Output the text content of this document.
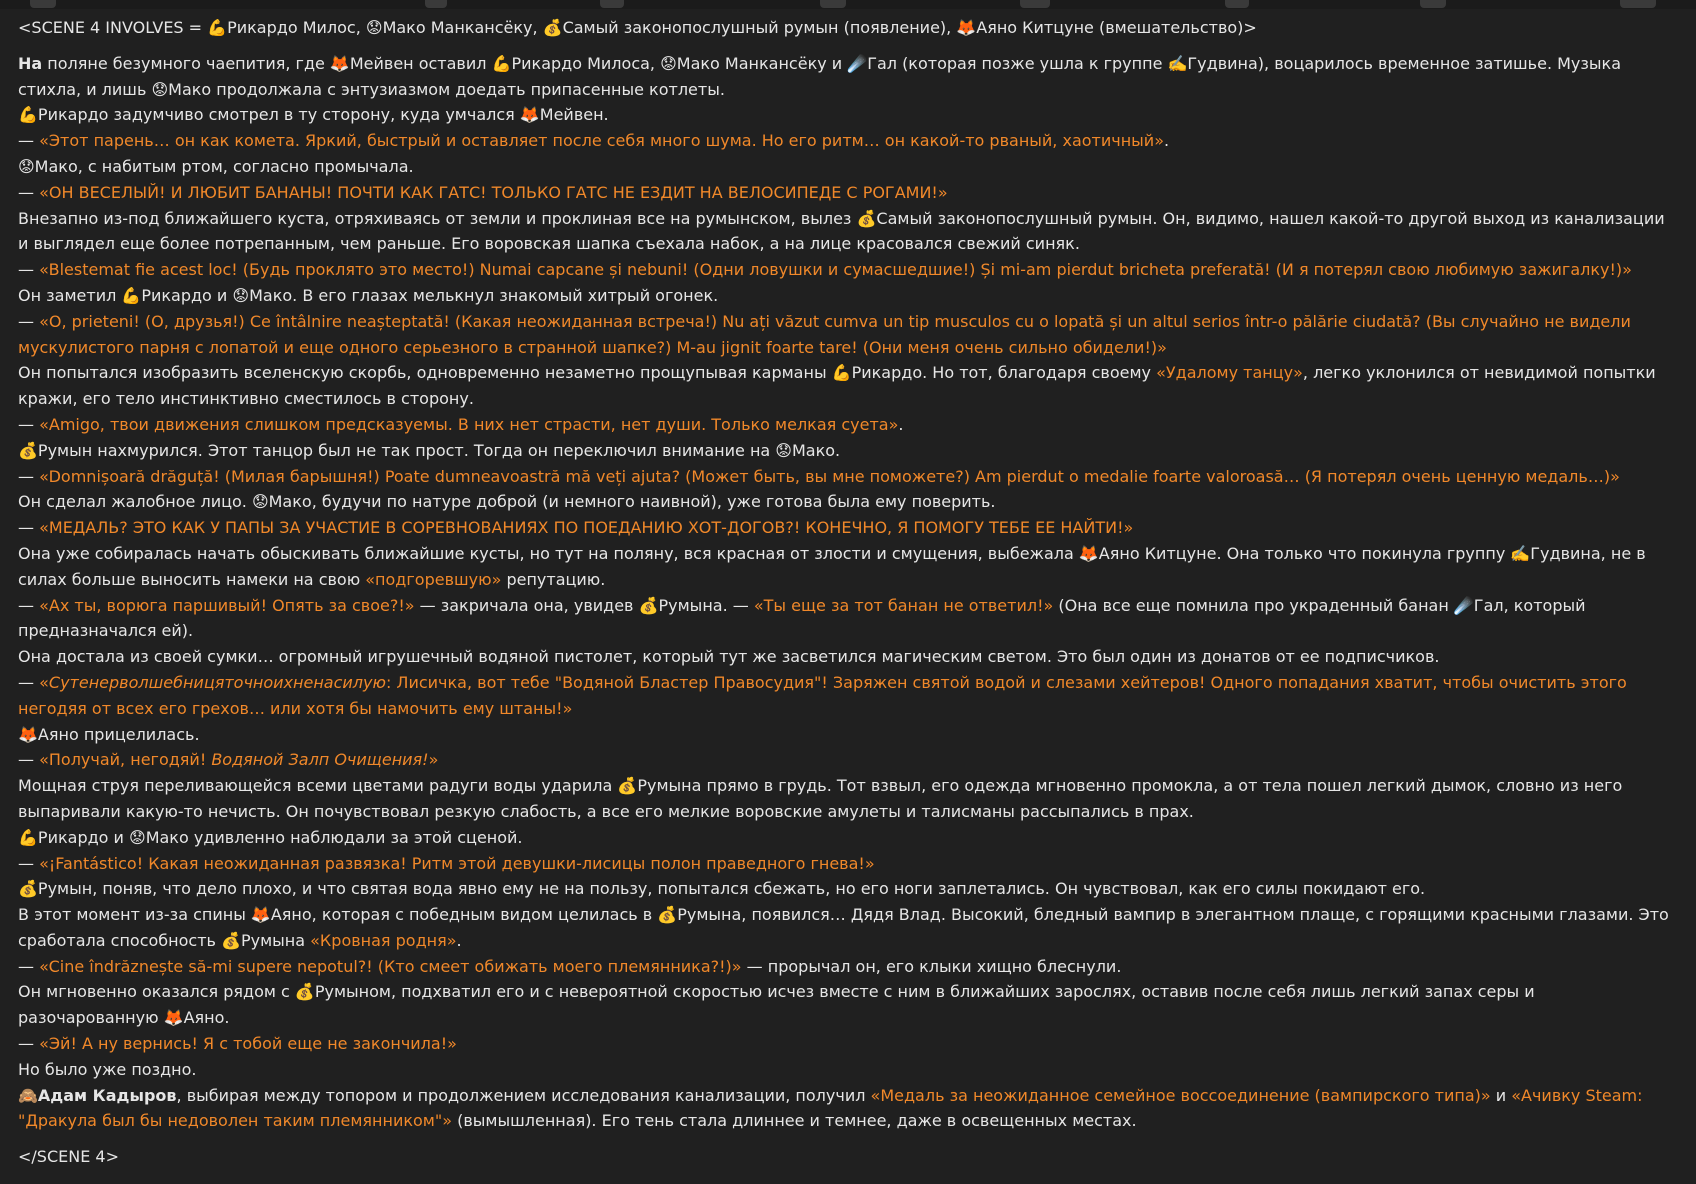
<SCENE 4 INVOLVES = 💪Рикардо Милос, 😟Мако Манкансёку, 💰Самый законопослушный румын (появление), 🦊Аяно Китцуне (вмешательство)>

На поляне безумного чаепития, где 🦊Мейвен оставил 💪Рикардо Милоса, 😟Мако Манкансёку и ☄️Гал (которая позже ушла к группе ✍️Гудвина), воцарилось временное затишье. Музыка стихла, и лишь 😟Мако продолжала с энтузиазмом доедать припасенные котлеты.

💪Рикардо задумчиво смотрел в ту сторону, куда умчался 🦊Мейвен.

— «Этот парень… он как комета. Яркий, быстрый и оставляет после себя много шума. Но его ритм… он какой-то рваный, хаотичный».

😟Мако, с набитым ртом, согласно промычала.

— «ОН ВЕСЕЛЫЙ! И ЛЮБИТ БАНАНЫ! ПОЧТИ КАК ГАТС! ТОЛЬКО ГАТС НЕ ЕЗДИТ НА ВЕЛОСИПЕДЕ С РОГАМИ!»

Внезапно из-под ближайшего куста, отряхиваясь от земли и проклиная все на румынском, вылез 💰Самый законопослушный румын. Он, видимо, нашел какой-то другой выход из канализации и выглядел еще более потрепанным, чем раньше. Его воровская шапка съехала набок, а на лице красовался свежий синяк.

— «Blestemat fie acest loc! (Будь проклято это место!) Numai capcane și nebuni! (Одни ловушки и сумасшедшие!) Și mi-am pierdut bricheta preferată! (И я потерял свою любимую зажигалку!)»

Он заметил 💪Рикардо и 😟Мако. В его глазах мелькнул знакомый хитрый огонек.

— «O, prieteni! (О, друзья!) Ce întâlnire neașteptată! (Какая неожиданная встреча!) Nu ați văzut cumva un tip musculos cu o lopată și un altul serios într-o pălărie ciudată? (Вы случайно не видели мускулистого парня с лопатой и еще одного серьезного в странной шапке?) M-au jignit foarte tare! (Они меня очень сильно обидели!)»

Он попытался изобразить вселенскую скорбь, одновременно незаметно прощупывая карманы 💪Рикардо. Но тот, благодаря своему «Удалому танцу», легко уклонился от невидимой попытки кражи, его тело инстинктивно сместилось в сторону.

— «Amigo, твои движения слишком предсказуемы. В них нет страсти, нет души. Только мелкая суета».

💰Румын нахмурился. Этот танцор был не так прост. Тогда он переключил внимание на 😟Мако.

— «Domnișoară drăguță! (Милая барышня!) Poate dumneavoastră mă veți ajuta? (Может быть, вы мне поможете?) Am pierdut o medalie foarte valoroasă… (Я потерял очень ценную медаль…)»

Он сделал жалобное лицо. 😟Мако, будучи по натуре доброй (и немного наивной), уже готова была ему поверить.

— «МЕДАЛЬ? ЭТО КАК У ПАПЫ ЗА УЧАСТИЕ В СОРЕВНОВАНИЯХ ПО ПОЕДАНИЮ ХОТ-ДОГОВ?! КОНЕЧНО, Я ПОМОГУ ТЕБЕ ЕЕ НАЙТИ!»

Она уже собиралась начать обыскивать ближайшие кусты, но тут на поляну, вся красная от злости и смущения, выбежала 🦊Аяно Китцуне. Она только что покинула группу ✍️Гудвина, не в силах больше выносить намеки на свою «подгоревшую» репутацию.

— «Ах ты, ворюга паршивый! Опять за свое?!» — закричала она, увидев 💰Румына. — «Ты еще за тот банан не ответил!» (Она все еще помнила про украденный банан ☄️Гал, который предназначался ей).

Она достала из своей сумки… огромный игрушечный водяной пистолет, который тут же засветился магическим светом. Это был один из донатов от ее подписчиков.

— «Сутенерволшебницяточноихненасилую: Лисичка, вот тебе "Водяной Бластер Правосудия"! Заряжен святой водой и слезами хейтеров! Одного попадания хватит, чтобы очистить этого негодяя от всех его грехов… или хотя бы намочить ему штаны!»

🦊Аяно прицелилась.

— «Получай, негодяй! Водяной Залп Очищения!»

Мощная струя переливающейся всеми цветами радуги воды ударила 💰Румына прямо в грудь. Тот взвыл, его одежда мгновенно промокла, а от тела пошел легкий дымок, словно из него выпаривали какую-то нечисть. Он почувствовал резкую слабость, а все его мелкие воровские амулеты и талисманы рассыпались в прах.

💪Рикардо и 😟Мако удивленно наблюдали за этой сценой.

— «¡Fantástico! Какая неожиданная развязка! Ритм этой девушки-лисицы полон праведного гнева!»

💰Румын, поняв, что дело плохо, и что святая вода явно ему не на пользу, попытался сбежать, но его ноги заплетались. Он чувствовал, как его силы покидают его.

В этот момент из-за спины 🦊Аяно, которая с победным видом целилась в 💰Румына, появился… Дядя Влад. Высокий, бледный вампир в элегантном плаще, с горящими красными глазами. Это сработала способность 💰Румына «Кровная родня».

— «Cine îndrăznește să-mi supere nepotul?! (Кто смеет обижать моего племянника?!)» — прорычал он, его клыки хищно блеснули.

Он мгновенно оказался рядом с 💰Румыном, подхватил его и с невероятной скоростью исчез вместе с ним в ближайших зарослях, оставив после себя лишь легкий запах серы и разочарованную 🦊Аяно.

— «Эй! А ну вернись! Я с тобой еще не закончила!»

Но было уже поздно.

🙈Адам Кадыров, выбирая между топором и продолжением исследования канализации, получил «Медаль за неожиданное семейное воссоединение (вампирского типа)» и «Ачивку Steam: "Дракула был бы недоволен таким племянником"» (вымышленная). Его тень стала длиннее и темнее, даже в освещенных местах.

</SCENE 4>
